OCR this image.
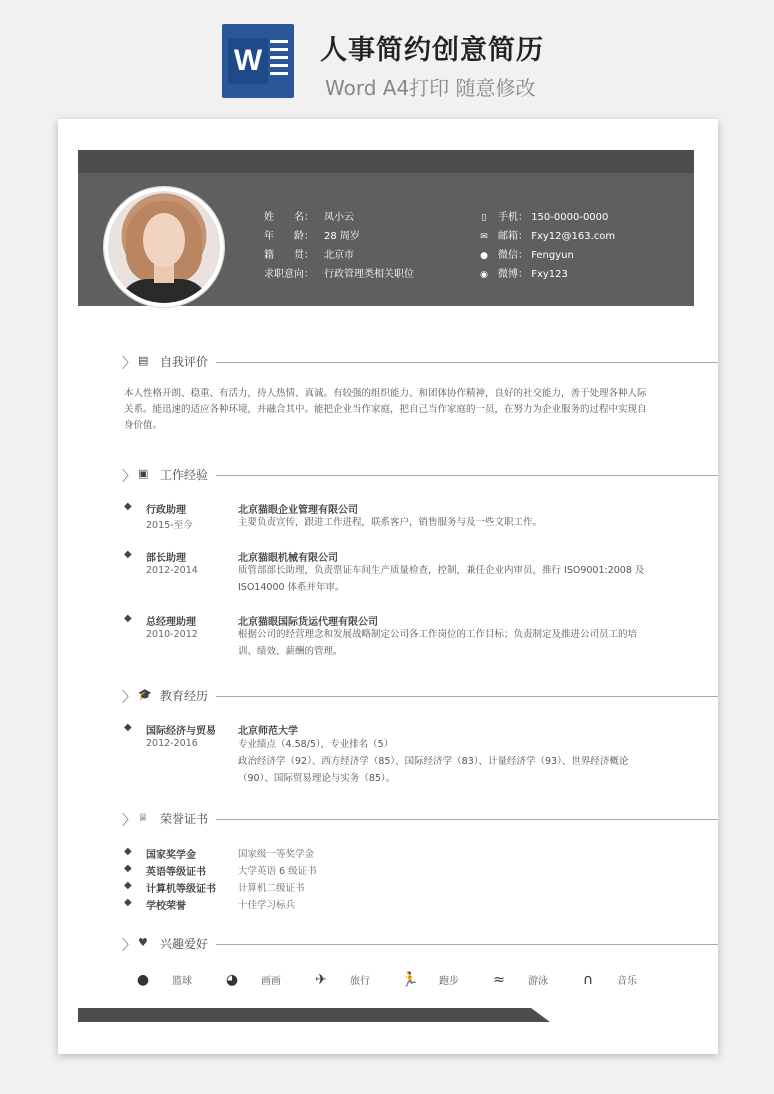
W 人事简约创意简历
Word A4打印 随意修改
姓　　名： 凤小云
年　　龄： 28 周岁
籍　　贯： 北京市
求职意向： 行政管理类相关职位
▯ 手机： 150-0000-0000
✉ 邮箱： Fxy12@163.com
● 微信： Fengyun
◉ 微博： Fxy123
〉 ▤ 自我评价
本人性格开朗、稳重、有活力，待人热情、真诚。有较强的组织能力、和团体协作精神，良好的社交能力，善于处理各种人际关系。能迅速的适应各种环境，并融合其中。能把企业当作家庭，把自己当作家庭的一员，在努力为企业服务的过程中实现自身价值。
〉 ▣ 工作经验
◆ 行政助理
2015-至今
北京猫眼企业管理有限公司
主要负责宣传，跟进工作进程，联系客户，销售服务与及一些文职工作。
◆ 部长助理
2012-2014
北京猫眼机械有限公司
质管部部长助理，负责票证车间生产质量检查，控制，兼任企业内审员，推行 ISO9001:2008 及 ISO14000 体系并年审。
◆ 总经理助理
2010-2012
北京猫眼国际货运代理有限公司
根据公司的经营理念和发展战略制定公司各工作岗位的工作目标；负责制定及推进公司员工的培训、绩效、薪酬的管理。
〉 🎓 教育经历
◆ 国际经济与贸易
2012-2016
北京师范大学
专业绩点（4.58/5），专业排名（5）
政治经济学（92）、西方经济学（85）、国际经济学（83）、计量经济学（93）、世界经济概论（90）、国际贸易理论与实务（85）。
〉 ♕ 荣誉证书
◆ 国家奖学金	国家级一等奖学金
◆ 英语等级证书	大学英语 6 级证书
◆ 计算机等级证书 计算机二级证书
◆ 学校荣誉	十佳学习标兵
〉 ♥ 兴趣爱好
● 篮球 ◕ 画画 ✈ 旅行 🏃 跑步 ≈ 游泳 ∩ 音乐
